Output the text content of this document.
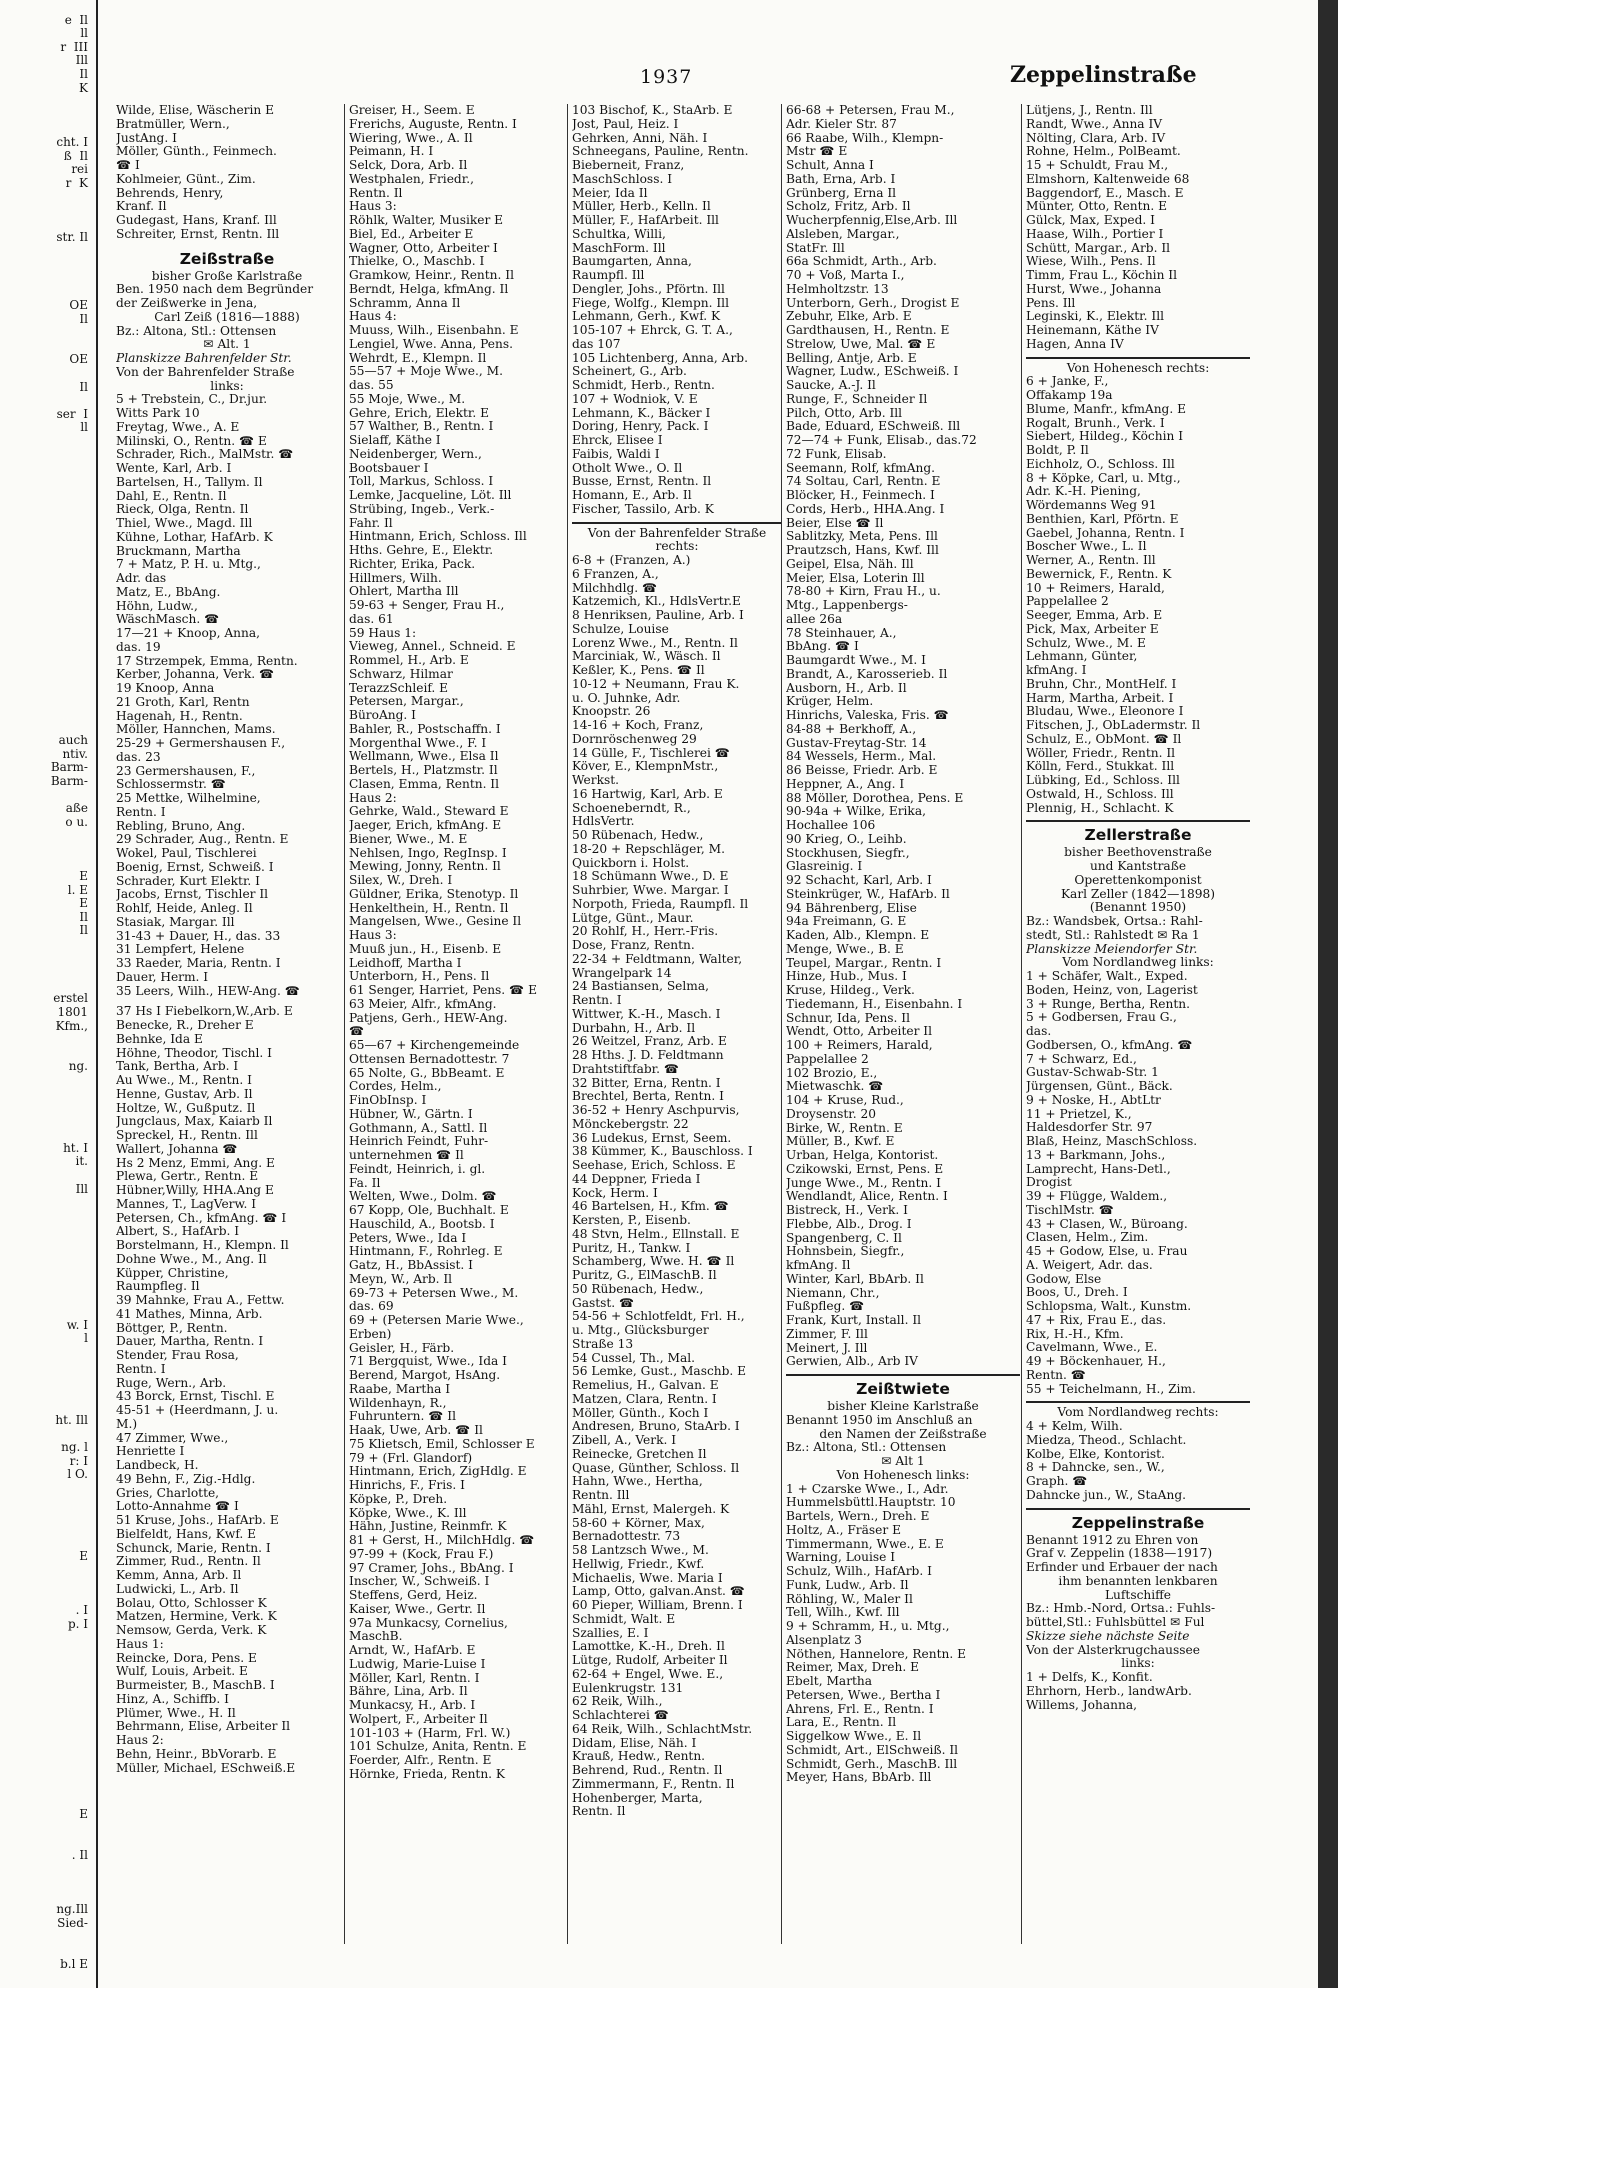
e  Il
ll
r  III
Ill
Il
K
cht. I
ß  Il
rei
r  K
str. Il
OE
Il
OE
Il
ser  I
ll
auch
ntiv.
Barm-
Barm-
aße
o u.
E
l. E
E
Il
Il
erstel
1801
Kfm.,
ng.
ht. I
it.
Ill
w. I
l
ht. Ill
ng. l
r: I
l O.
E
. I
p. I
E
. Il
ng.Ill
Sied-
b.l E
1937	Zeppelinstraße
Wilde, Elise, Wäscherin E
Bratmüller, Wern.,
JustAng. I
Möller, Günth., Feinmech.
☎ I
Kohlmeier, Günt., Zim.
Behrends, Henry,
Kranf. Il
Gudegast, Hans, Kranf. Ill
Schreiter, Ernst, Rentn. Ill
Zeißstraße
bisher Große Karlstraße
Ben. 1950 nach dem Begründer
der Zeißwerke in Jena,
Carl Zeiß (1816—1888)
Bz.: Altona, Stl.: Ottensen
✉ Alt. 1
Planskizze Bahrenfelder Str.
Von der Bahrenfelder Straße
links:
5 + Trebstein, C., Dr.jur.
Witts Park 10
Freytag, Wwe., A. E
Milinski, O., Rentn. ☎ E
Schrader, Rich., MalMstr. ☎
Wente, Karl, Arb. I
Bartelsen, H., Tallym. Il
Dahl, E., Rentn. Il
Rieck, Olga, Rentn. Il
Thiel, Wwe., Magd. Ill
Kühne, Lothar, HafArb. K
Bruckmann, Martha
7 + Matz, P. H. u. Mtg.,
Adr. das
Matz, E., BbAng.
Höhn, Ludw.,
WäschMasch. ☎
17—21 + Knoop, Anna,
das. 19
17 Strzempek, Emma, Rentn.
Kerber, Johanna, Verk. ☎
19 Knoop, Anna
21 Groth, Karl, Rentn
Hagenah, H., Rentn.
Möller, Hannchen, Mams.
25-29 + Germershausen F.,
das. 23
23 Germershausen, F.,
Schlossermstr. ☎
25 Mettke, Wilhelmine,
Rentn. I
Rebling, Bruno, Ang.
29 Schrader, Aug., Rentn. E
Wokel, Paul, Tischlerei
Boenig, Ernst, Schweiß. I
Schrader, Kurt Elektr. I
Jacobs, Ernst, Tischler Il
Rohlf, Heide, Anleg. Il
Stasiak, Margar. Ill
31-43 + Dauer, H., das. 33
31 Lempfert, Helene
33 Raeder, Maria, Rentn. I
Dauer, Herm. I
35 Leers, Wilh., HEW-Ang. ☎
37 Hs I Fiebelkorn,W.,Arb. E
Benecke, R., Dreher E
Behnke, Ida E
Höhne, Theodor, Tischl. I
Tank, Bertha, Arb. I
Au Wwe., M., Rentn. I
Henne, Gustav, Arb. Il
Holtze, W., Gußputz. Il
Jungclaus, Max, Kaiarb Il
Spreckel, H., Rentn. Ill
Wallert, Johanna ☎
Hs 2 Menz, Emmi, Ang. E
Plewa, Gertr., Rentn. E
Hübner,Willy, HHA.Ang E
Mannes, T., LagVerw. I
Petersen, Ch., kfmAng. ☎ I
Albert, S., HafArb. I
Borstelmann, H., Klempn. Il
Dohne Wwe., M., Ang. Il
Küpper, Christine,
Raumpfleg. Il
39 Mahnke, Frau A., Fettw.
41 Mathes, Minna, Arb.
Böttger, P., Rentn.
Dauer, Martha, Rentn. I
Stender, Frau Rosa,
Rentn. I
Ruge, Wern., Arb.
43 Borck, Ernst, Tischl. E
45-51 + (Heerdmann, J. u.
M.)
47 Zimmer, Wwe.,
Henriette I
Landbeck, H.
49 Behn, F., Zig.-Hdlg.
Gries, Charlotte,
Lotto-Annahme ☎ I
51 Kruse, Johs., HafArb. E
Bielfeldt, Hans, Kwf. E
Schunck, Marie, Rentn. I
Zimmer, Rud., Rentn. Il
Kemm, Anna, Arb. Il
Ludwicki, L., Arb. Il
Bolau, Otto, Schlosser K
Matzen, Hermine, Verk. K
Nemsow, Gerda, Verk. K
Haus 1:
Reincke, Dora, Pens. E
Wulf, Louis, Arbeit. E
Burmeister, B., MaschB. I
Hinz, A., Schiffb. I
Plümer, Wwe., H. Il
Behrmann, Elise, Arbeiter Il
Haus 2:
Behn, Heinr., BbVorarb. E
Müller, Michael, ESchweiß.E
Greiser, H., Seem. E
Frerichs, Auguste, Rentn. I
Wiering, Wwe., A. Il
Peimann, H. I
Selck, Dora, Arb. Il
Westphalen, Friedr.,
Rentn. Il
Haus 3:
Röhlk, Walter, Musiker E
Biel, Ed., Arbeiter E
Wagner, Otto, Arbeiter I
Thielke, O., Maschb. I
Gramkow, Heinr., Rentn. Il
Berndt, Helga, kfmAng. Il
Schramm, Anna Il
Haus 4:
Muuss, Wilh., Eisenbahn. E
Lengiel, Wwe. Anna, Pens.
Wehrdt, E., Klempn. Il
55—57 + Moje Wwe., M.
das. 55
55 Moje, Wwe., M.
Gehre, Erich, Elektr. E
57 Walther, B., Rentn. I
Sielaff, Käthe I
Neidenberger, Wern.,
Bootsbauer I
Toll, Markus, Schloss. I
Lemke, Jacqueline, Löt. Ill
Strübing, Ingeb., Verk.-
Fahr. Il
Hintmann, Erich, Schloss. Ill
Hths. Gehre, E., Elektr.
Richter, Erika, Pack.
Hillmers, Wilh.
Ohlert, Martha Ill
59-63 + Senger, Frau H.,
das. 61
59 Haus 1:
Vieweg, Annel., Schneid. E
Rommel, H., Arb. E
Schwarz, Hilmar
TerazzSchleif. E
Petersen, Margar.,
BüroAng. I
Bahler, R., Postschaffn. I
Morgenthal Wwe., F. I
Wellmann, Wwe., Elsa Il
Bertels, H., Platzmstr. Il
Clasen, Emma, Rentn. Il
Haus 2:
Gehrke, Wald., Steward E
Jaeger, Erich, kfmAng. E
Biener, Wwe., M. E
Nehlsen, Ingo, RegInsp. I
Mewing, Jonny, Rentn. Il
Silex, W., Dreh. I
Güldner, Erika, Stenotyp. Il
Henkelthein, H., Rentn. Il
Mangelsen, Wwe., Gesine Il
Haus 3:
Muuß jun., H., Eisenb. E
Leidhoff, Martha I
Unterborn, H., Pens. Il
61 Senger, Harriet, Pens. ☎ E
63 Meier, Alfr., kfmAng.
Patjens, Gerh., HEW-Ang.
☎
65—67 + Kirchengemeinde
Ottensen Bernadottestr. 7
65 Nolte, G., BbBeamt. E
Cordes, Helm.,
FinObInsp. I
Hübner, W., Gärtn. I
Gothmann, A., Sattl. Il
Heinrich Feindt, Fuhr-
unternehmen ☎ Il
Feindt, Heinrich, i. gl.
Fa. Il
Welten, Wwe., Dolm. ☎
67 Kopp, Ole, Buchhalt. E
Hauschild, A., Bootsb. I
Peters, Wwe., Ida I
Hintmann, F., Rohrleg. E
Gatz, H., BbAssist. I
Meyn, W., Arb. Il
69-73 + Petersen Wwe., M.
das. 69
69 + (Petersen Marie Wwe.,
Erben)
Geisler, H., Färb.
71 Bergquist, Wwe., Ida I
Berend, Margot, HsAng.
Raabe, Martha I
Wildenhayn, R.,
Fuhruntern. ☎ Il
Haak, Uwe, Arb. ☎ Il
75 Klietsch, Emil, Schlosser E
79 + (Frl. Glandorf)
Hintmann, Erich, ZigHdlg. E
Hinrichs, F., Fris. I
Köpke, P., Dreh.
Köpke, Wwe., K. Ill
Hähn, Justine, Reinmfr. K
81 + Gerst, H., MilchHdlg. ☎
97-99 + (Kock, Frau F.)
97 Cramer, Johs., BbAng. I
Inscher, W., Schweiß. I
Steffens, Gerd, Heiz.
Kaiser, Wwe., Gertr. Il
97a Munkacsy, Cornelius,
MaschB.
Arndt, W., HafArb. E
Ludwig, Marie-Luise I
Möller, Karl, Rentn. I
Bähre, Lina, Arb. Il
Munkacsy, H., Arb. I
Wolpert, F., Arbeiter Il
101-103 + (Harm, Frl. W.)
101 Schulze, Anita, Rentn. E
Foerder, Alfr., Rentn. E
Hörnke, Frieda, Rentn. K
103 Bischof, K., StaArb. E
Jost, Paul, Heiz. I
Gehrken, Anni, Näh. I
Schneegans, Pauline, Rentn.
Bieberneit, Franz,
MaschSchloss. I
Meier, Ida Il
Müller, Herb., Kelln. Il
Müller, F., HafArbeit. Ill
Schultka, Willi,
MaschForm. Ill
Baumgarten, Anna,
Raumpfl. Ill
Dengler, Johs., Pförtn. Ill
Fiege, Wolfg., Klempn. Ill
Lehmann, Gerh., Kwf. K
105-107 + Ehrck, G. T. A.,
das 107
105 Lichtenberg, Anna, Arb.
Scheinert, G., Arb.
Schmidt, Herb., Rentn.
107 + Wodniok, V. E
Lehmann, K., Bäcker I
Doring, Henry, Pack. I
Ehrck, Elisee I
Faibis, Waldi I
Otholt Wwe., O. Il
Busse, Ernst, Rentn. Il
Homann, E., Arb. Il
Fischer, Tassilo, Arb. K
Von der Bahrenfelder Straße
rechts:
6-8 + (Franzen, A.)
6 Franzen, A.,
Milchhdlg. ☎
Katzemich, Kl., HdlsVertr.E
8 Henriksen, Pauline, Arb. I
Schulze, Louise
Lorenz Wwe., M., Rentn. Il
Marciniak, W., Wäsch. Il
Keßler, K., Pens. ☎ Il
10-12 + Neumann, Frau K.
u. O. Juhnke, Adr.
Knoopstr. 26
14-16 + Koch, Franz,
Dornröschenweg 29
14 Gülle, F., Tischlerei ☎
Köver, E., KlempnMstr.,
Werkst.
16 Hartwig, Karl, Arb. E
Schoeneberndt, R.,
HdlsVertr.
50 Rübenach, Hedw.,
18-20 + Repschläger, M.
Quickborn i. Holst.
18 Schümann Wwe., D. E
Suhrbier, Wwe. Margar. I
Norpoth, Frieda, Raumpfl. Il
Lütge, Günt., Maur.
20 Rohlf, H., Herr.-Fris.
Dose, Franz, Rentn.
22-34 + Feldtmann, Walter,
Wrangelpark 14
24 Bastiansen, Selma,
Rentn. I
Wittwer, K.-H., Masch. I
Durbahn, H., Arb. Il
26 Weitzel, Franz, Arb. E
28 Hths. J. D. Feldtmann
Drahtstiftfabr. ☎
32 Bitter, Erna, Rentn. I
Brechtel, Berta, Rentn. I
36-52 + Henry Aschpurvis,
Mönckebergstr. 22
36 Ludekus, Ernst, Seem.
38 Kümmer, K., Bauschloss. I
Seehase, Erich, Schloss. E
44 Deppner, Frieda I
Kock, Herm. I
46 Bartelsen, H., Kfm. ☎
Kersten, P., Eisenb.
48 Stvn, Helm., Ellnstall. E
Puritz, H., Tankw. I
Schamberg, Wwe. H. ☎ Il
Puritz, G., ElMaschB. Il
50 Rübenach, Hedw.,
Gastst. ☎
54-56 + Schlotfeldt, Frl. H.,
u. Mtg., Glücksburger
Straße 13
54 Cussel, Th., Mal.
56 Lemke, Gust., Maschb. E
Remelius, H., Galvan. E
Matzen, Clara, Rentn. I
Möller, Günth., Koch I
Andresen, Bruno, StaArb. I
Zibell, A., Verk. I
Reinecke, Gretchen Il
Quase, Günther, Schloss. Il
Hahn, Wwe., Hertha,
Rentn. Ill
Mähl, Ernst, Malergeh. K
58-60 + Körner, Max,
Bernadottestr. 73
58 Lantzsch Wwe., M.
Hellwig, Friedr., Kwf.
Michaelis, Wwe. Maria I
Lamp, Otto, galvan.Anst. ☎
60 Pieper, William, Brenn. I
Schmidt, Walt. E
Szallies, E. I
Lamottke, K.-H., Dreh. Il
Lütge, Rudolf, Arbeiter Il
62-64 + Engel, Wwe. E.,
Eulenkrugstr. 131
62 Reik, Wilh.,
Schlachterei ☎
64 Reik, Wilh., SchlachtMstr.
Didam, Elise, Näh. I
Krauß, Hedw., Rentn.
Behrend, Rud., Rentn. Il
Zimmermann, F., Rentn. Il
Hohenberger, Marta,
Rentn. Il
66-68 + Petersen, Frau M.,
Adr. Kieler Str. 87
66 Raabe, Wilh., Klempn-
Mstr ☎ E
Schult, Anna I
Bath, Erna, Arb. I
Grünberg, Erna Il
Scholz, Fritz, Arb. Il
Wucherpfennig,Else,Arb. Ill
Alsleben, Margar.,
StatFr. Ill
66a Schmidt, Arth., Arb.
70 + Voß, Marta I.,
Helmholtzstr. 13
Unterborn, Gerh., Drogist E
Zebuhr, Elke, Arb. E
Gardthausen, H., Rentn. E
Strelow, Uwe, Mal. ☎ E
Belling, Antje, Arb. E
Wagner, Ludw., ESchweiß. I
Saucke, A.-J. Il
Runge, F., Schneider Il
Pilch, Otto, Arb. Ill
Bade, Eduard, ESchweiß. Ill
72—74 + Funk, Elisab., das.72
72 Funk, Elisab.
Seemann, Rolf, kfmAng.
74 Soltau, Carl, Rentn. E
Blöcker, H., Feinmech. I
Cords, Herb., HHA.Ang. I
Beier, Else ☎ Il
Sablitzky, Meta, Pens. Ill
Prautzsch, Hans, Kwf. Ill
Geipel, Elsa, Näh. Ill
Meier, Elsa, Loterin Ill
78-80 + Kirn, Frau H., u.
Mtg., Lappenbergs-
allee 26a
78 Steinhauer, A.,
BbAng. ☎ I
Baumgardt Wwe., M. I
Brandt, A., Karosserieb. Il
Ausborn, H., Arb. Il
Krüger, Helm.
Hinrichs, Valeska, Fris. ☎
84-88 + Berkhoff, A.,
Gustav-Freytag-Str. 14
84 Wessels, Herm., Mal.
86 Beisse, Friedr. Arb. E
Heppner, A., Ang. I
88 Möller, Dorothea, Pens. E
90-94a + Wilke, Erika,
Hochallee 106
90 Krieg, O., Leihb.
Stockhusen, Siegfr.,
Glasreinig. I
92 Schacht, Karl, Arb. I
Steinkrüger, W., HafArb. Il
94 Bährenberg, Elise
94a Freimann, G. E
Kaden, Alb., Klempn. E
Menge, Wwe., B. E
Teupel, Margar., Rentn. I
Hinze, Hub., Mus. I
Kruse, Hildeg., Verk.
Tiedemann, H., Eisenbahn. I
Schnur, Ida, Pens. Il
Wendt, Otto, Arbeiter Il
100 + Reimers, Harald,
Pappelallee 2
102 Brozio, E.,
Mietwaschk. ☎
104 + Kruse, Rud.,
Droysenstr. 20
Birke, W., Rentn. E
Müller, B., Kwf. E
Urban, Helga, Kontorist.
Czikowski, Ernst, Pens. E
Junge Wwe., M., Rentn. I
Wendlandt, Alice, Rentn. I
Bistreck, H., Verk. I
Flebbe, Alb., Drog. I
Spangenberg, C. Il
Hohnsbein, Siegfr.,
kfmAng. Il
Winter, Karl, BbArb. Il
Niemann, Chr.,
Fußpfleg. ☎
Frank, Kurt, Install. Il
Zimmer, F. Ill
Meinert, J. Ill
Gerwien, Alb., Arb IV
Zeißtwiete
bisher Kleine Karlstraße
Benannt 1950 im Anschluß an
den Namen der Zeißstraße
Bz.: Altona, Stl.: Ottensen
✉ Alt 1
Von Hohenesch links:
1 + Czarske Wwe., I., Adr.
Hummelsbüttl.Hauptstr. 10
Bartels, Wern., Dreh. E
Holtz, A., Fräser E
Timmermann, Wwe., E. E
Warning, Louise I
Schulz, Wilh., HafArb. I
Funk, Ludw., Arb. Il
Röhling, W., Maler Il
Tell, Wilh., Kwf. Ill
9 + Schramm, H., u. Mtg.,
Alsenplatz 3
Nöthen, Hannelore, Rentn. E
Reimer, Max, Dreh. E
Ebelt, Martha
Petersen, Wwe., Bertha I
Ahrens, Frl. E., Rentn. I
Lara, E., Rentn. Il
Siggelkow Wwe., E. Il
Schmidt, Art., ElSchweiß. Il
Schmidt, Gerh., MaschB. Ill
Meyer, Hans, BbArb. Ill
Lütjens, J., Rentn. Ill
Randt, Wwe., Anna IV
Nölting, Clara, Arb. IV
Rohne, Helm., PolBeamt.
15 + Schuldt, Frau M.,
Elmshorn, Kaltenweide 68
Baggendorf, E., Masch. E
Münter, Otto, Rentn. E
Gülck, Max, Exped. I
Haase, Wilh., Portier I
Schütt, Margar., Arb. Il
Wiese, Wilh., Pens. Il
Timm, Frau L., Köchin Il
Hurst, Wwe., Johanna
Pens. Ill
Leginski, K., Elektr. Ill
Heinemann, Käthe IV
Hagen, Anna IV
Von Hohenesch rechts:
6 + Janke, F.,
Offakamp 19a
Blume, Manfr., kfmAng. E
Rogalt, Brunh., Verk. I
Siebert, Hildeg., Köchin I
Boldt, P. Il
Eichholz, O., Schloss. Ill
8 + Köpke, Carl, u. Mtg.,
Adr. K.-H. Piening,
Wördemanns Weg 91
Benthien, Karl, Pförtn. E
Gaebel, Johanna, Rentn. I
Boscher Wwe., L. Il
Werner, A., Rentn. Ill
Bewernick, F., Rentn. K
10 + Reimers, Harald,
Pappelallee 2
Seeger, Emma, Arb. E
Pick, Max, Arbeiter E
Schulz, Wwe., M. E
Lehmann, Günter,
kfmAng. I
Bruhn, Chr., MontHelf. I
Harm, Martha, Arbeit. I
Bludau, Wwe., Eleonore I
Fitschen, J., ObLadermstr. Il
Schulz, E., ObMont. ☎ Il
Wöller, Friedr., Rentn. Il
Kölln, Ferd., Stukkat. Ill
Lübking, Ed., Schloss. Ill
Ostwald, H., Schloss. Ill
Plennig, H., Schlacht. K
Zellerstraße
bisher Beethovenstraße
und Kantstraße
Operettenkomponist
Karl Zeller (1842—1898)
(Benannt 1950)
Bz.: Wandsbek, Ortsa.: Rahl-
stedt, Stl.: Rahlstedt ✉ Ra 1
Planskizze Meiendorfer Str.
Vom Nordlandweg links:
1 + Schäfer, Walt., Exped.
Boden, Heinz, von, Lagerist
3 + Runge, Bertha, Rentn.
5 + Godbersen, Frau G.,
das.
Godbersen, O., kfmAng. ☎
7 + Schwarz, Ed.,
Gustav-Schwab-Str. 1
Jürgensen, Günt., Bäck.
9 + Noske, H., AbtLtr
11 + Prietzel, K.,
Haldesdorfer Str. 97
Blaß, Heinz, MaschSchloss.
13 + Barkmann, Johs.,
Lamprecht, Hans-Detl.,
Drogist
39 + Flügge, Waldem.,
TischlMstr. ☎
43 + Clasen, W., Büroang.
Clasen, Helm., Zim.
45 + Godow, Else, u. Frau
A. Weigert, Adr. das.
Godow, Else
Boos, U., Dreh. I
Schlopsma, Walt., Kunstm.
47 + Rix, Frau E., das.
Rix, H.-H., Kfm.
Cavelmann, Wwe., E.
49 + Böckenhauer, H.,
Rentn. ☎
55 + Teichelmann, H., Zim.
Vom Nordlandweg rechts:
4 + Kelm, Wilh.
Miedza, Theod., Schlacht.
Kolbe, Elke, Kontorist.
8 + Dahncke, sen., W.,
Graph. ☎
Dahncke jun., W., StaAng.
Zeppelinstraße
Benannt 1912 zu Ehren von
Graf v. Zeppelin (1838—1917)
Erfinder und Erbauer der nach
ihm benannten lenkbaren
Luftschiffe
Bz.: Hmb.-Nord, Ortsa.: Fuhls-
büttel,Stl.: Fuhlsbüttel ✉ Ful
Skizze siehe nächste Seite
Von der Alsterkrugchaussee
links:
1 + Delfs, K., Konfit.
Ehrhorn, Herb., landwArb.
Willems, Johanna,
